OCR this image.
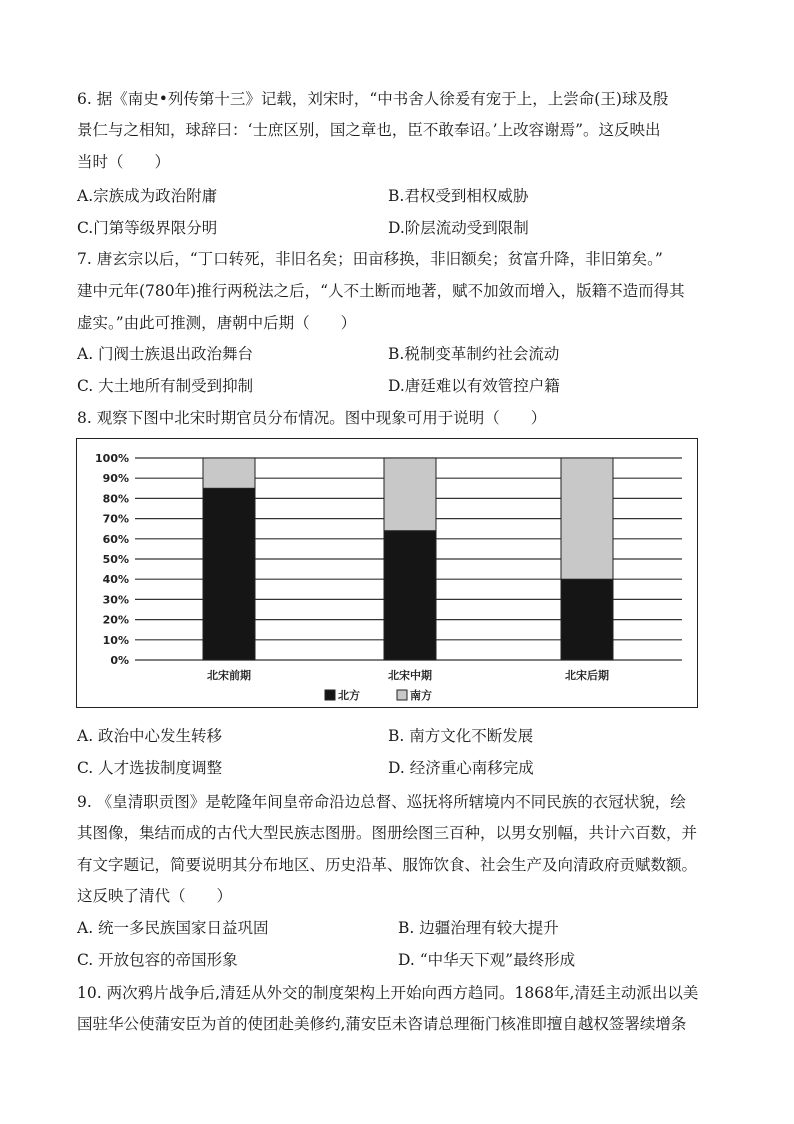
6. 据《南史•列传第十三》记载，刘宋时，“中书舍人徐爰有宠于上，上尝命(王)球及殷
景仁与之相知，球辞曰：‘士庶区别，国之章也，臣不敢奉诏。’上改容谢焉”。这反映出
当时（　　）
A.宗族成为政治附庸	B.君权受到相权威胁
C.门第等级界限分明	D.阶层流动受到限制
7. 唐玄宗以后，“丁口转死，非旧名矣；田亩移换，非旧额矣；贫富升降，非旧第矣。”
建中元年(780年)推行两税法之后，“人不土断而地著，赋不加敛而增入，版籍不造而得其
虚实。”由此可推测，唐朝中后期（　　）
A. 门阀士族退出政治舞台	B.税制变革制约社会流动
C. 大土地所有制受到抑制	D.唐廷难以有效管控户籍
8. 观察下图中北宋时期官员分布情况。图中现象可用于说明（　　）
0%
10%
20%
30%
40%
50%
60%
70%
80%
90%
100%
北宋前期	北宋中期	北宋后期
北方	南方
A. 政治中心发生转移	B. 南方文化不断发展
C. 人才选拔制度调整	D. 经济重心南移完成
9. 《皇清职贡图》是乾隆年间皇帝命沿边总督、巡抚将所辖境内不同民族的衣冠状貌，绘
其图像，集结而成的古代大型民族志图册。图册绘图三百种，以男女别幅，共计六百数，并
有文字题记，简要说明其分布地区、历史沿革、服饰饮食、社会生产及向清政府贡赋数额。
这反映了清代（　　）
A. 统一多民族国家日益巩固	B. 边疆治理有较大提升
C. 开放包容的帝国形象	D. “中华天下观”最终形成
10. 两次鸦片战争后,清廷从外交的制度架构上开始向西方趋同。1868年,清廷主动派出以美
国驻华公使蒲安臣为首的使团赴美修约,蒲安臣未咨请总理衙门核准即擅自越权签署续增条
